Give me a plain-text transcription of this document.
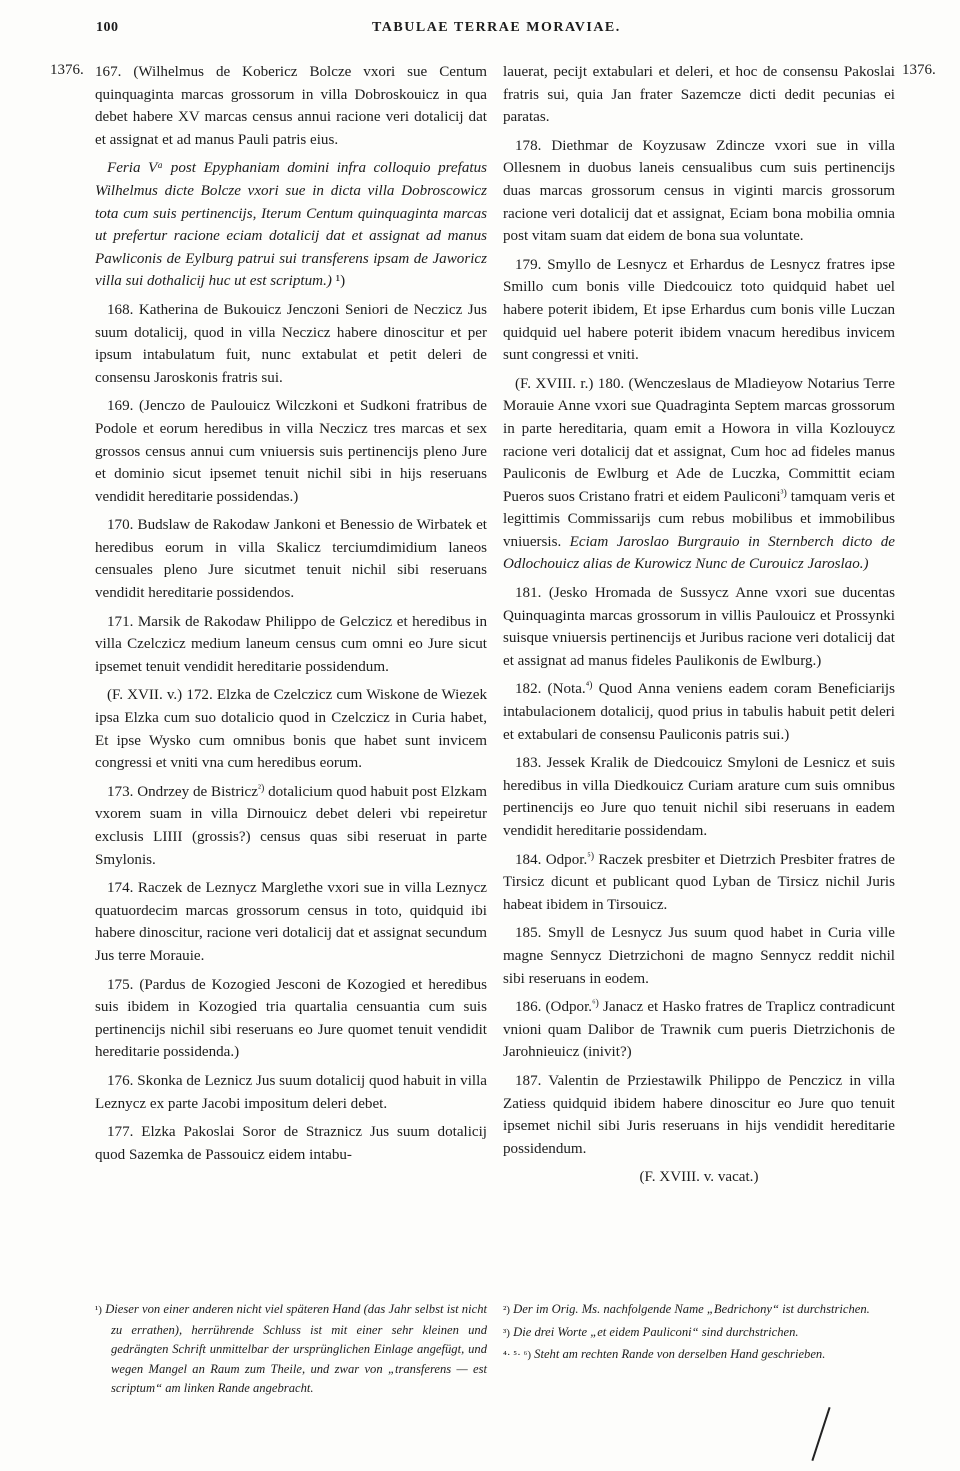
100	TABULAE TERRAE MORAVIAE.
1376.	1376.

167. (Wilhelmus de Kobericz Bolcze vxori sue Centum quinquaginta marcas grossorum in villa Dobroskouicz in qua debet habere XV marcas census annui racione veri dotalicij dat et assignat et ad manus Pauli patris eius.

Feria Vᵃ post Epyphaniam domini infra colloquio prefatus Wilhelmus dicte Bolcze vxori sue in dicta villa Dobroscowicz tota cum suis pertinencijs, Iterum Centum quinquaginta marcas ut prefertur racione eciam dotalicij dat et assignat ad manus Pawliconis de Eylburg patrui sui transferens ipsam de Jaworicz villa sui dothalicij huc ut est scriptum.) ¹)

168. Katherina de Bukouicz Jenczoni Seniori de Neczicz Jus suum dotalicij, quod in villa Neczicz habere dinoscitur et per ipsum intabulatum fuit, nunc extabulat et petit deleri de consensu Jaroskonis fratris sui.

169. (Jenczo de Paulouicz Wilczkoni et Sudkoni fratribus de Podole et eorum heredibus in villa Neczicz tres marcas et sex grossos census annui cum vniuersis suis pertinencijs pleno Jure et dominio sicut ipsemet tenuit nichil sibi in hijs reseruans vendidit hereditarie possidendas.)

170. Budslaw de Rakodaw Jankoni et Benessio de Wirbatek et heredibus eorum in villa Skalicz terciumdimidium laneos censuales pleno Jure sicutmet tenuit nichil sibi reseruans vendidit hereditarie possidendos.

171. Marsik de Rakodaw Philippo de Gelczicz et heredibus in villa Czelczicz medium laneum census cum omni eo Jure sicut ipsemet tenuit vendidit hereditarie possidendum.

(F. XVII. v.) 172. Elzka de Czelczicz cum Wiskone de Wiezek ipsa Elzka cum suo dotalicio quod in Czelczicz in Curia habet, Et ipse Wysko cum omnibus bonis que habet sunt invicem congressi et vniti vna cum heredibus eorum.

173. Ondrzey de Bistricz$^{^2)}$ dotalicium quod habuit post Elzkam vxorem suam in villa Dirnouicz debet deleri vbi repeiretur exclusis LIIII (grossis?) census quas sibi reseruat in parte Smylonis.

174. Raczek de Leznycz Marglethe vxori sue in villa Leznycz quatuordecim marcas grossorum census in toto, quidquid ibi habere dinoscitur, racione veri dotalicij dat et assignat secundum Jus terre Morauie.

175. (Pardus de Kozogied Jesconi de Kozogied et heredibus suis ibidem in Kozogied tria quartalia censuantia cum suis pertinencijs nichil sibi reseruans eo Jure quomet tenuit vendidit hereditarie possidenda.)

176. Skonka de Leznicz Jus suum dotalicij quod habuit in villa Leznycz ex parte Jacobi impositum deleri debet.

177. Elzka Pakoslai Soror de Straznicz Jus suum dotalicij quod Sazemka de Passouicz eidem intabu-

lauerat, pecijt extabulari et deleri, et hoc de consensu Pakoslai fratris sui, quia Jan frater Sazemcze dicti dedit pecunias ei paratas.

178. Diethmar de Koyzusaw Zdincze vxori sue in villa Ollesnem in duobus laneis censualibus cum suis pertinencijs duas marcas grossorum census in viginti marcis grossorum racione veri dotalicij dat et assignat, Eciam bona mobilia omnia post vitam suam dat eidem de bona sua voluntate.

179. Smyllo de Lesnycz et Erhardus de Lesnycz fratres ipse Smillo cum bonis ville Diedcouicz toto quidquid habet uel habere poterit ibidem, Et ipse Erhardus cum bonis ville Luczan quidquid uel habere poterit ibidem vnacum heredibus invicem sunt congressi et vniti.

(F. XVIII. r.) 180. (Wenczeslaus de Mladieyow Notarius Terre Morauie Anne vxori sue Quadraginta Septem marcas grossorum in parte hereditaria, quam emit a Howora in villa Kozlouycz racione veri dotalicij dat et assignat, Cum hoc ad fideles manus Pauliconis de Ewlburg et Ade de Luczka, Committit eciam Pueros suos Cristano fratri et eidem Pauliconi$^{^3)}$ tamquam veris et legittimis Commissarijs cum rebus mobilibus et immobilibus vniuersis. Eciam Jaroslao Burgrauio in Sternberch dicto de Odlochouicz alias de Kurowicz Nunc de Curouicz Jaroslao.)

181. (Jesko Hromada de Sussycz Anne vxori sue ducentas Quinquaginta marcas grossorum in villis Paulouicz et Prossynki suisque vniuersis pertinencijs et Juribus racione veri dotalicij dat et assignat ad manus fideles Paulikonis de Ewlburg.)

182. (Nota.$^{^4)}$ Quod Anna veniens eadem coram Beneficiarijs intabulacionem dotalicij, quod prius in tabulis habuit petit deleri et extabulari de consensu Pauliconis patris sui.)

183. Jessek Kralik de Diedcouicz Smyloni de Lesnicz et suis heredibus in villa Diedkouicz Curiam arature cum suis omnibus pertinencijs eo Jure quo tenuit nichil sibi reseruans in eadem vendidit hereditarie possidendam.

184. Odpor.$^{^5)}$ Raczek presbiter et Dietrzich Presbiter fratres de Tirsicz dicunt et publicant quod Lyban de Tirsicz nichil Juris habeat ibidem in Tirsouicz.

185. Smyll de Lesnycz Jus suum quod habet in Curia ville magne Sennycz Dietrzichoni de magno Sennycz reddit nichil sibi reseruans in eodem.

186. (Odpor.$^{^6)}$ Janacz et Hasko fratres de Traplicz contradicunt vnioni quam Dalibor de Trawnik cum pueris Dietrzichonis de Jarohnieuicz (inivit?)

187. Valentin de Prziestawilk Philippo de Penczicz in villa Zatiess quidquid ibidem habere dinoscitur eo Jure quo tenuit ipsemet nichil sibi Juris reseruans in hijs vendidit hereditarie possidendum.

(F. XVIII. v. vacat.)

¹) Dieser von einer anderen nicht viel späteren Hand (das Jahr selbst ist nicht zu errathen), herrührende Schluss ist mit einer sehr kleinen und gedrängten Schrift unmittelbar der ursprünglichen Einlage angefügt, und wegen Mangel an Raum zum Theile, und zwar von „transferens — est scriptum“ am linken Rande angebracht.

²) Der im Orig. Ms. nachfolgende Name „Bedrichony“ ist durchstrichen.

³) Die drei Worte „et eidem Pauliconi“ sind durchstrichen.

⁴· ⁵· ⁶) Steht am rechten Rande von derselben Hand geschrieben.
